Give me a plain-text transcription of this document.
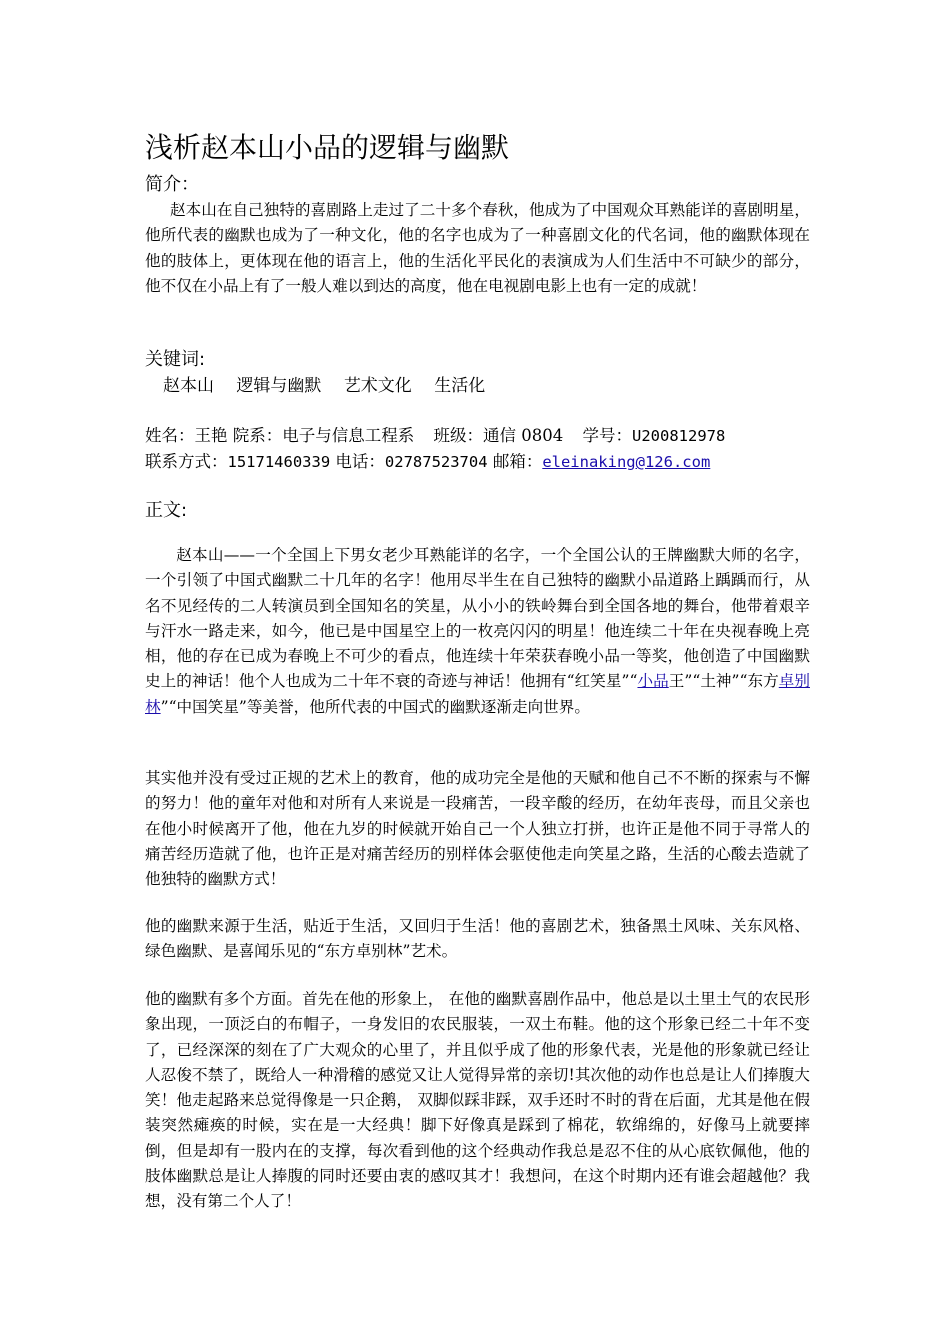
浅析赵本山小品的逻辑与幽默
简介：
赵本山在自己独特的喜剧路上走过了二十多个春秋，他成为了中国观众耳熟能详的喜剧明星，他所代表的幽默也成为了一种文化，他的名字也成为了一种喜剧文化的代名词，他的幽默体现在他的肢体上，更体现在他的语言上，他的生活化平民化的表演成为人们生活中不可缺少的部分，他不仅在小品上有了一般人难以到达的高度，他在电视剧电影上也有一定的成就！
关键词:
赵本山 逻辑与幽默 艺术文化 生活化
姓名：王艳 院系：电子与信息工程系 班级：通信 0804 学号：U200812978
联系方式：15171460339 电话：02787523704 邮箱：eleinaking@126.com
正文:
赵本山——一个全国上下男女老少耳熟能详的名字，一个全国公认的王牌幽默大师的名字，一个引领了中国式幽默二十几年的名字！他用尽半生在自己独特的幽默小品道路上踽踽而行，从名不见经传的二人转演员到全国知名的笑星，从小小的铁岭舞台到全国各地的舞台，他带着艰辛与汗水一路走来，如今，他已是中国星空上的一枚亮闪闪的明星！他连续二十年在央视春晚上亮相，他的存在已成为春晚上不可少的看点，他连续十年荣获春晚小品一等奖，他创造了中国幽默史上的神话！他个人也成为二十年不衰的奇迹与神话！他拥有“红笑星”“小品王”“土神”“东方卓别林”“中国笑星”等美誉，他所代表的中国式的幽默逐渐走向世界。
其实他并没有受过正规的艺术上的教育，他的成功完全是他的天赋和他自己不不断的探索与不懈的努力！他的童年对他和对所有人来说是一段痛苦，一段辛酸的经历，在幼年丧母，而且父亲也在他小时候离开了他，他在九岁的时候就开始自己一个人独立打拼，也许正是他不同于寻常人的痛苦经历造就了他，也许正是对痛苦经历的别样体会驱使他走向笑星之路，生活的心酸去造就了他独特的幽默方式！
他的幽默来源于生活，贴近于生活，又回归于生活！他的喜剧艺术，独备黑土风味、关东风格、绿色幽默、是喜闻乐见的“东方卓别林”艺术。
他的幽默有多个方面。首先在他的形象上， 在他的幽默喜剧作品中，他总是以土里土气的农民形象出现，一顶泛白的布帽子，一身发旧的农民服装，一双土布鞋。他的这个形象已经二十年不变了，已经深深的刻在了广大观众的心里了，并且似乎成了他的形象代表，光是他的形象就已经让人忍俊不禁了，既给人一种滑稽的感觉又让人觉得异常的亲切!其次他的动作也总是让人们捧腹大笑！他走起路来总觉得像是一只企鹅， 双脚似踩非踩，双手还时不时的背在后面，尤其是他在假装突然瘫痪的时候，实在是一大经典！脚下好像真是踩到了棉花，软绵绵的，好像马上就要摔倒，但是却有一股内在的支撑，每次看到他的这个经典动作我总是忍不住的从心底钦佩他，他的肢体幽默总是让人捧腹的同时还要由衷的感叹其才！我想问，在这个时期内还有谁会超越他？我想，没有第二个人了！
